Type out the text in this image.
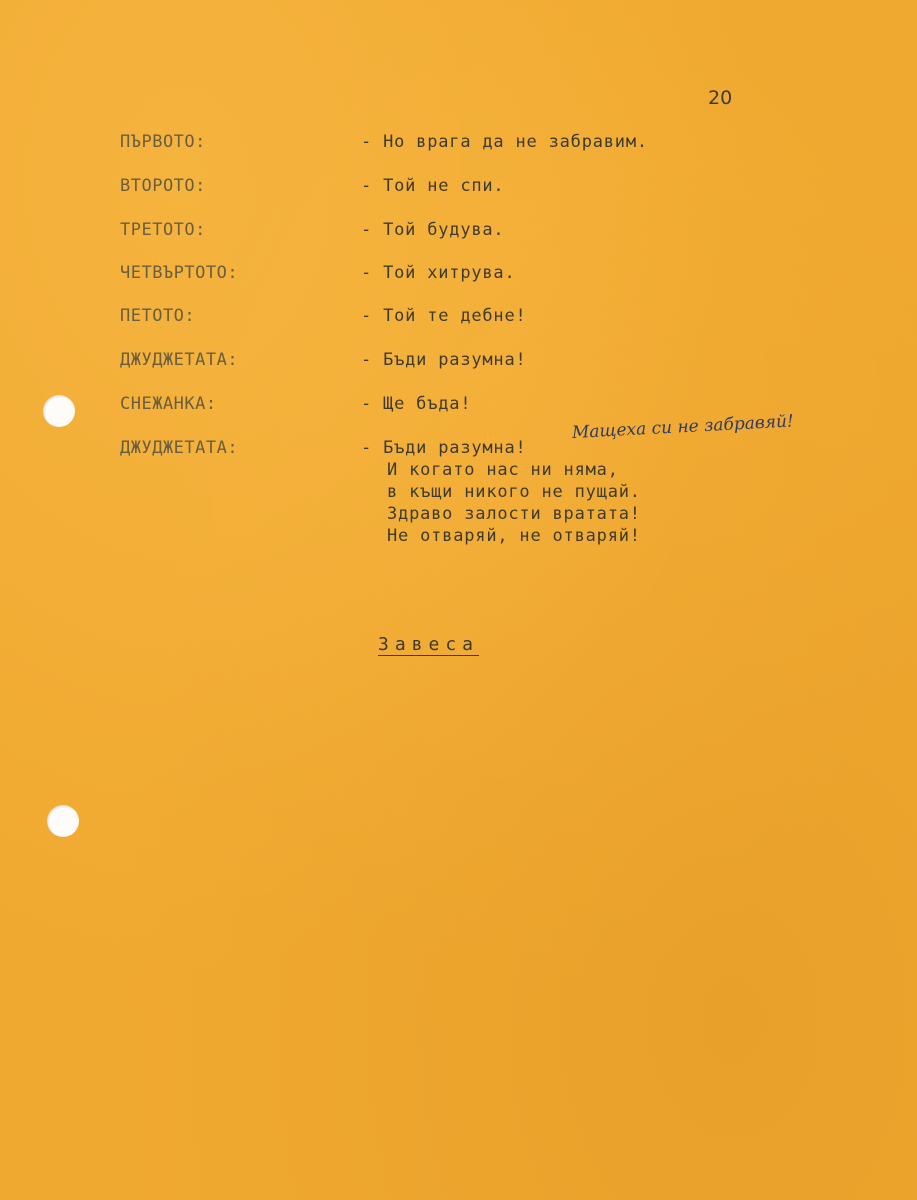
20
ПЪРВОТО:	- Но врага да не забравим.
ВТОРОТО:	- Той не спи.
ТРЕТОТО:	- Той будува.
ЧЕТВЪРТОТО:	- Той хитрува.
ПЕТОТО:	- Той те дебне!
ДЖУДЖЕТАТА:	- Бъди разумна!
СНЕЖАНКА:	- Ще бъда!
ДЖУДЖЕТАТА:	- Бъди разумна!
Мащеха си не забравяй!
И когато нас ни няма,
в къщи никого не пущай.
Здраво залости вратата!
Не отваряй, не отваряй!
Завеса
